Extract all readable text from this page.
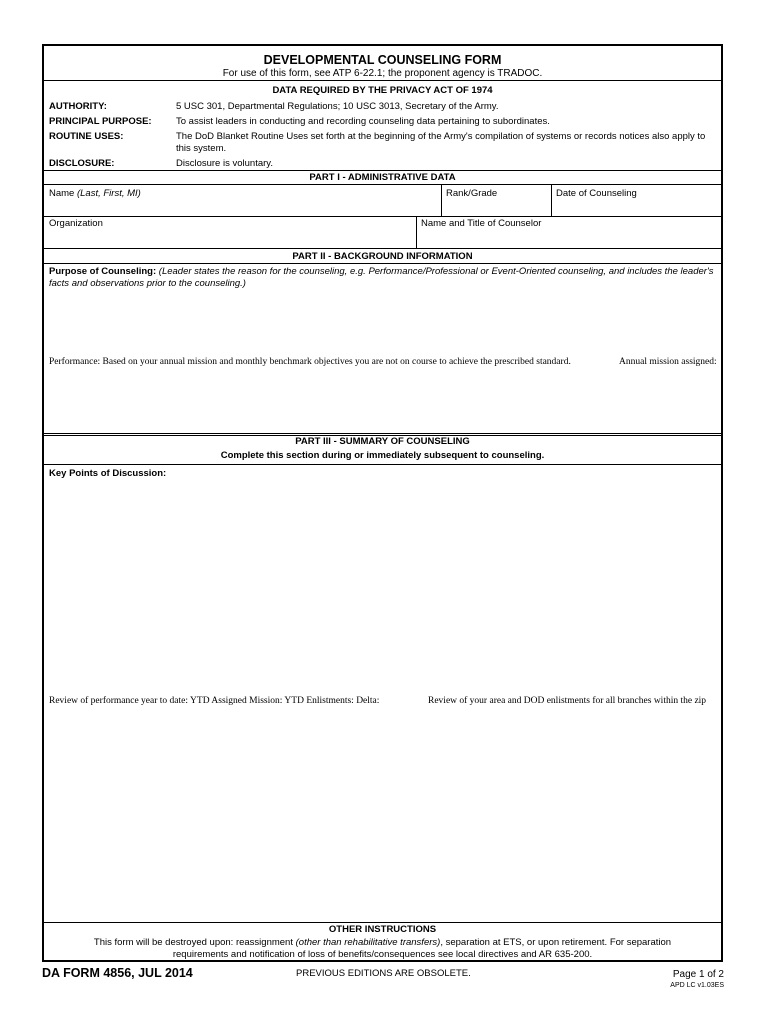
DEVELOPMENTAL COUNSELING FORM
For use of this form, see ATP 6-22.1; the proponent agency is TRADOC.
DATA REQUIRED BY THE PRIVACY ACT OF 1974
AUTHORITY:	5 USC 301, Departmental Regulations; 10 USC 3013, Secretary of the Army.
PRINCIPAL PURPOSE:	To assist leaders in conducting and recording counseling data pertaining to subordinates.
ROUTINE USES:	The DoD Blanket Routine Uses set forth at the beginning of the Army's compilation of systems or records notices also apply to this system.
DISCLOSURE:	Disclosure is voluntary.
PART I - ADMINISTRATIVE DATA
Name (Last, First, MI)	Rank/Grade	Date of Counseling
Organization	Name and Title of Counselor
PART II - BACKGROUND INFORMATION
Purpose of Counseling: (Leader states the reason for the counseling, e.g. Performance/Professional or Event-Oriented counseling, and includes the leader's facts and observations prior to the counseling.)
Performance: Based on your annual mission and monthly benchmark objectives you are not on course to achieve the prescribed standard.	Annual mission assigned:
PART III - SUMMARY OF COUNSELING
Complete this section during or immediately subsequent to counseling.
Key Points of Discussion:
Review of performance year to date: YTD Assigned Mission: YTD Enlistments: Delta:	Review of your area and DOD enlistments for all branches within the zip
OTHER INSTRUCTIONS
This form will be destroyed upon: reassignment (other than rehabilitative transfers), separation at ETS, or upon retirement. For separation
requirements and notification of loss of benefits/consequences see local directives and AR 635-200.
DA FORM 4856, JUL 2014	PREVIOUS EDITIONS ARE OBSOLETE.	Page 1 of 2
APD LC v1.03ES
